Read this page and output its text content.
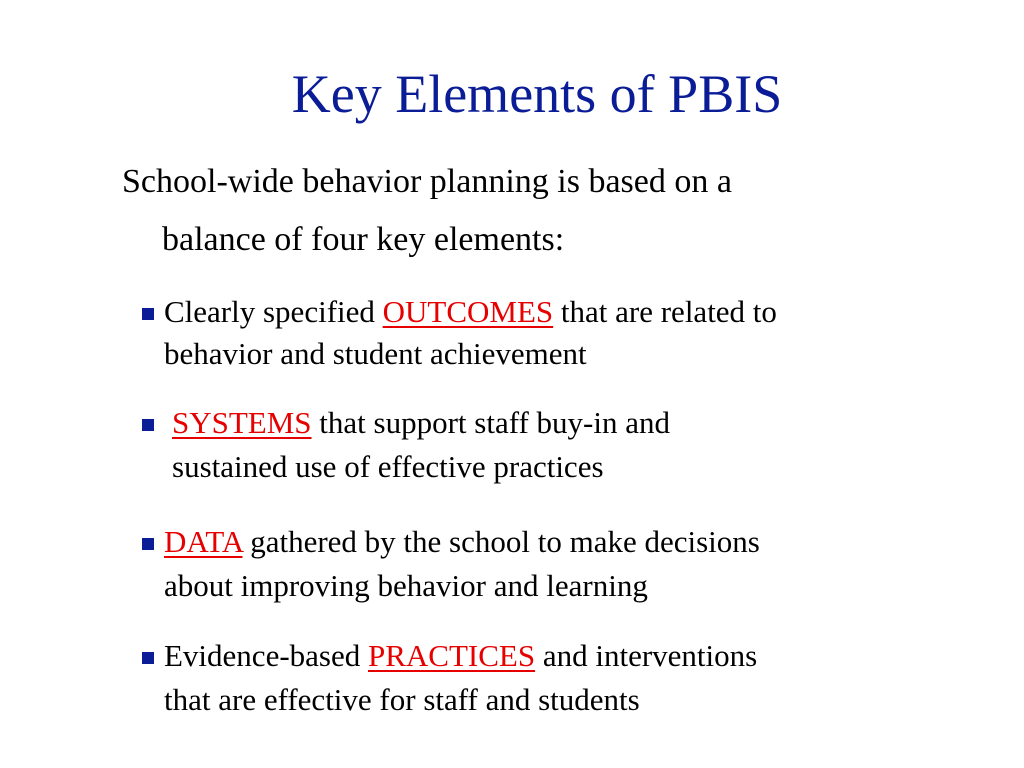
Key Elements of PBIS
School-wide behavior planning is based on a
balance of four key elements:
Clearly specified OUTCOMES that are related to
behavior and student achievement
SYSTEMS that support staff buy-in and
sustained use of effective practices
DATA gathered by the school to make decisions
about improving behavior and learning
Evidence-based PRACTICES and interventions
that are effective for staff and students
